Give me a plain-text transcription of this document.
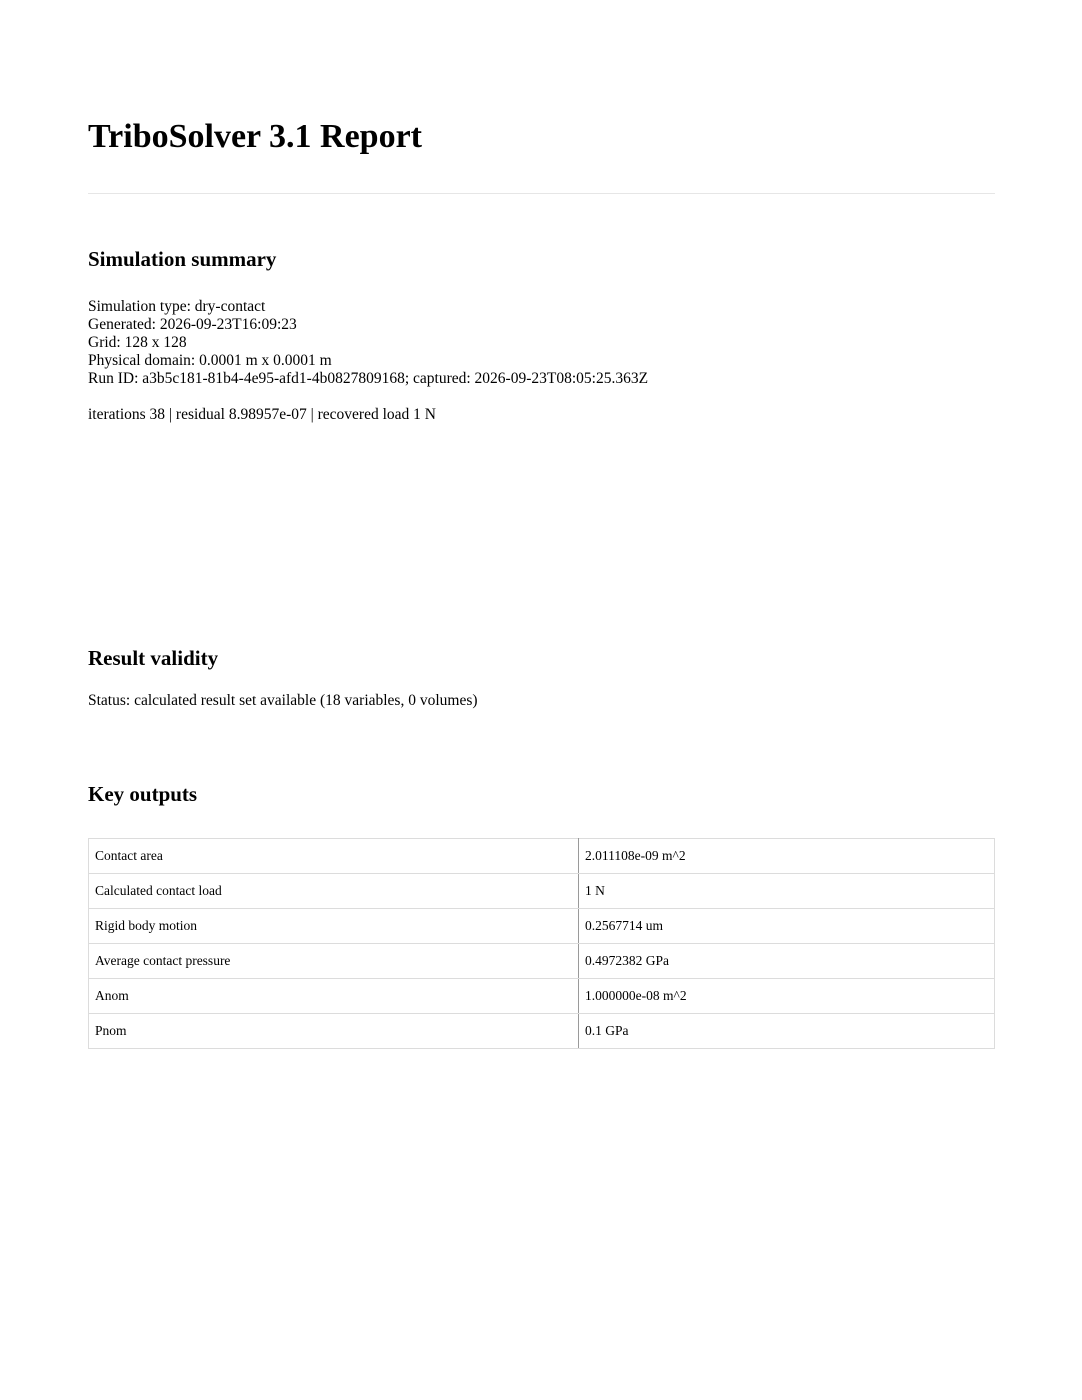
TriboSolver 3.1 Report
Simulation summary
Simulation type: dry-contact
Generated: 2026-09-23T16:09:23
Grid: 128 x 128
Physical domain: 0.0001 m x 0.0001 m
Run ID: a3b5c181-81b4-4e95-afd1-4b0827809168; captured: 2026-09-23T08:05:25.363Z
iterations 38 | residual 8.98957e-07 | recovered load 1 N
Result validity
Status: calculated result set available (18 variables, 0 volumes)
Key outputs
Contact area	2.011108e-09 m^2
Calculated contact load	1 N
Rigid body motion	0.2567714 um
Average contact pressure	0.4972382 GPa
Anom	1.000000e-08 m^2
Pnom	0.1 GPa
